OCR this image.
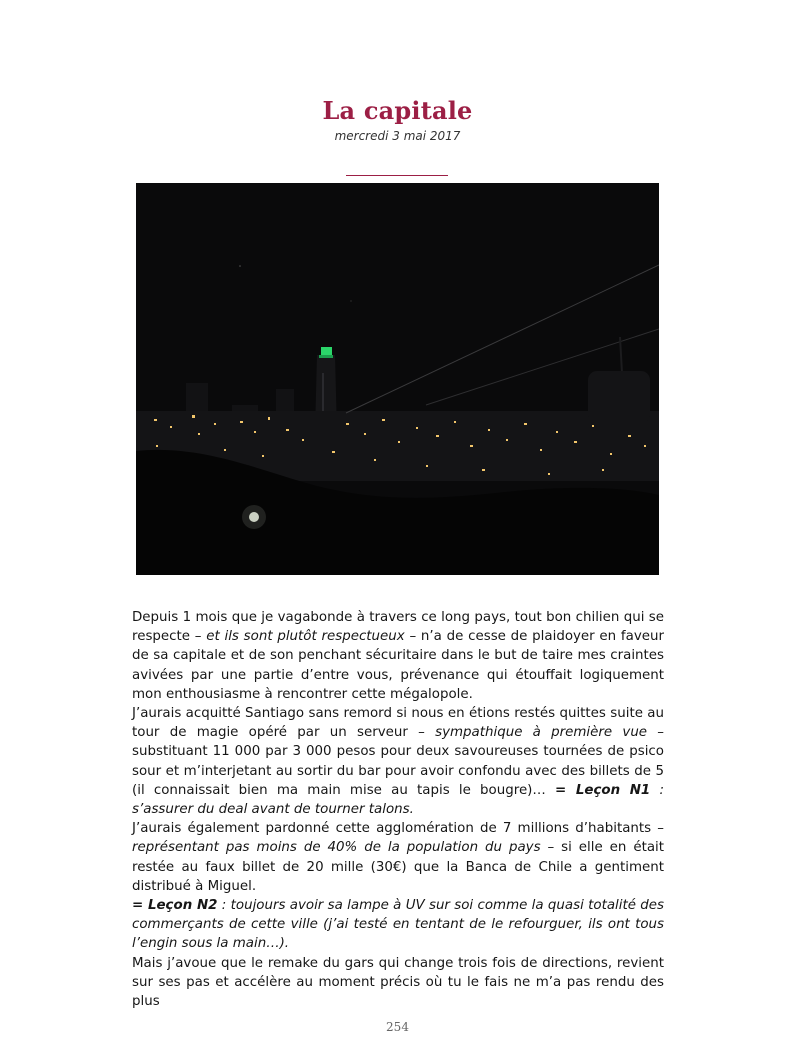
La capitale
mercredi 3 mai 2017

Depuis 1 mois que je vagabonde à travers ce long pays, tout bon chilien qui se respecte – et ils sont plutôt respectueux – n’a de cesse de plaidoyer en faveur de sa capitale et de son penchant sécuritaire dans le but de taire mes craintes avivées par une partie d’entre vous, prévenance qui étouffait logiquement mon enthousiasme à rencontrer cette mégalopole.

J’aurais acquitté Santiago sans remord si nous en étions restés quittes suite au tour de magie opéré par un serveur – sympathique à première vue – substituant 11 000 par 3 000 pesos pour deux savoureuses tournées de psico sour et m’interjetant au sortir du bar pour avoir confondu avec des billets de 5 (il connaissait bien ma main mise au tapis le bougre)… = Leçon N1 : s’assurer du deal avant de tourner talons.

J’aurais également pardonné cette agglomération de 7 millions d’habitants – représentant pas moins de 40% de la population du pays – si elle en était restée au faux billet de 20 mille (30€) que la Banca de Chile a gentiment distribué à Miguel.

= Leçon N2 : toujours avoir sa lampe à UV sur soi comme la quasi totalité des commerçants de cette ville (j’ai testé en tentant de le refourguer, ils ont tous l’engin sous la main…).

Mais j’avoue que le remake du gars qui change trois fois de directions, revient sur ses pas et accélère au moment précis où tu le fais ne m’a pas rendu des plus

254
